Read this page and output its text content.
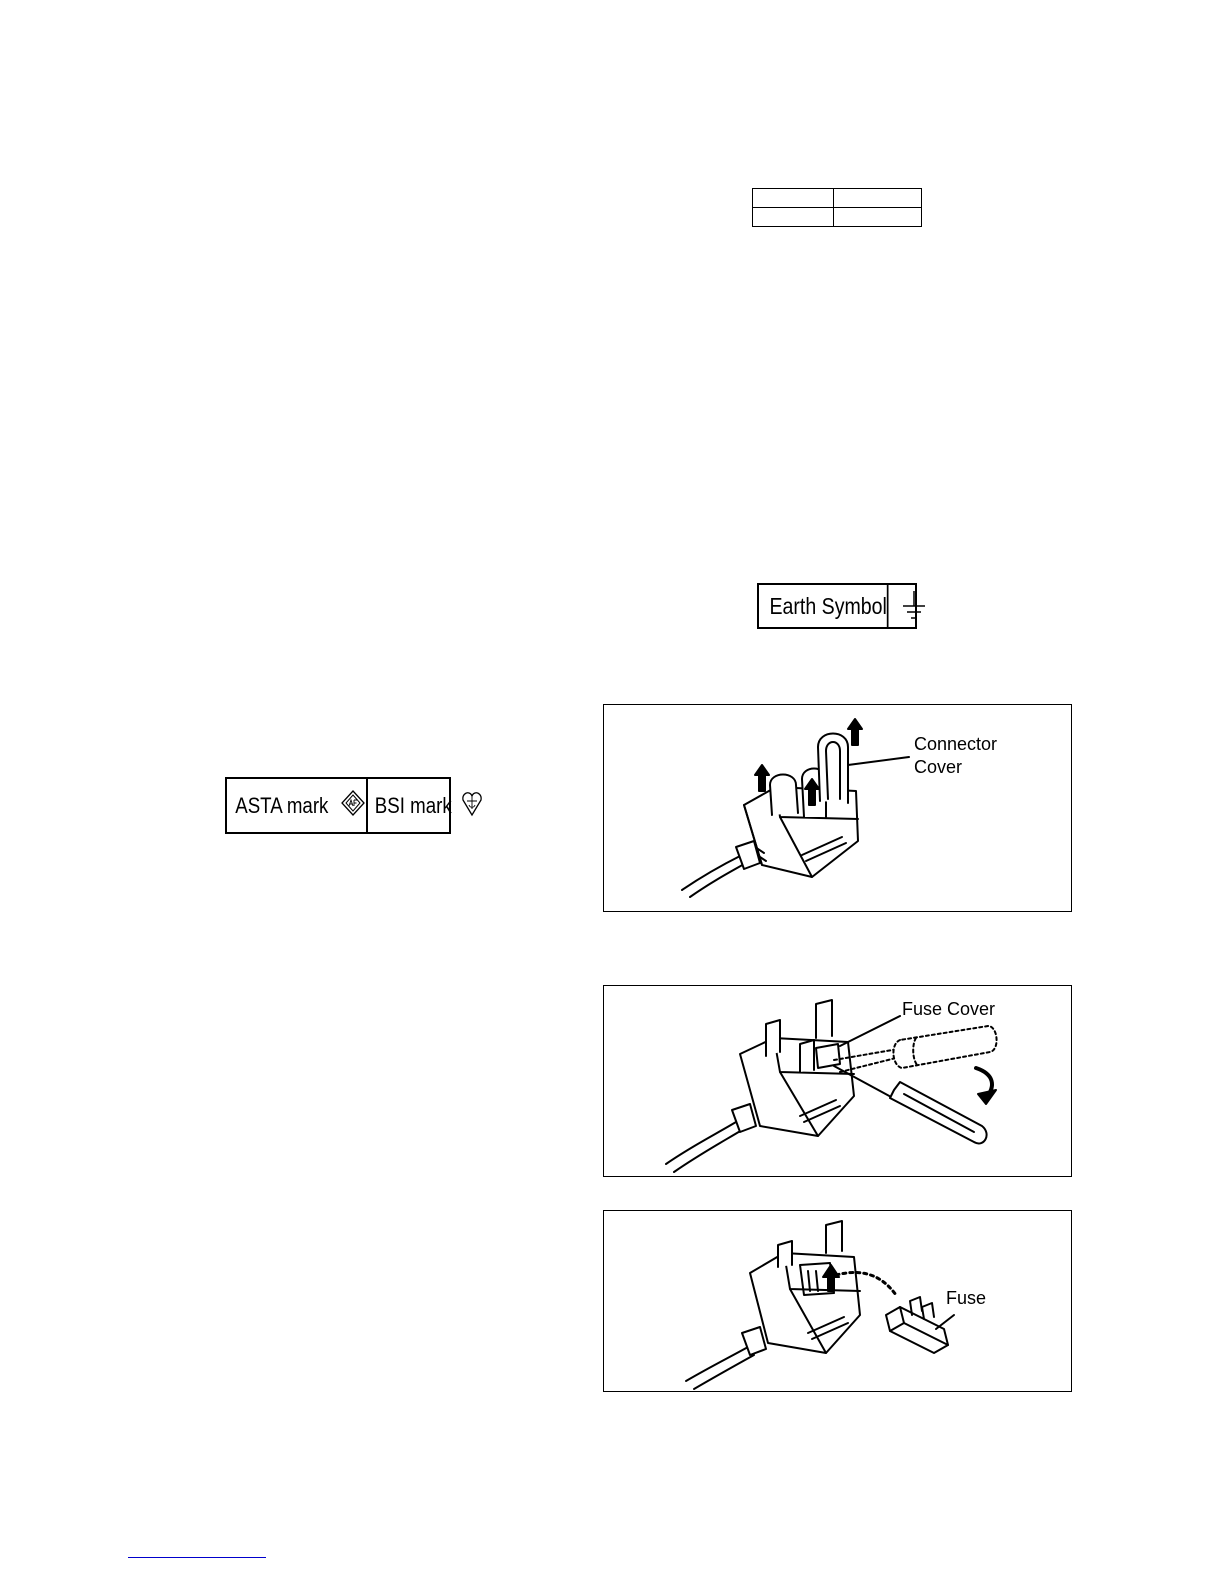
Earth Symbol
ASTA mark BSI mark
Connector
Cover
Fuse Cover
Fuse
